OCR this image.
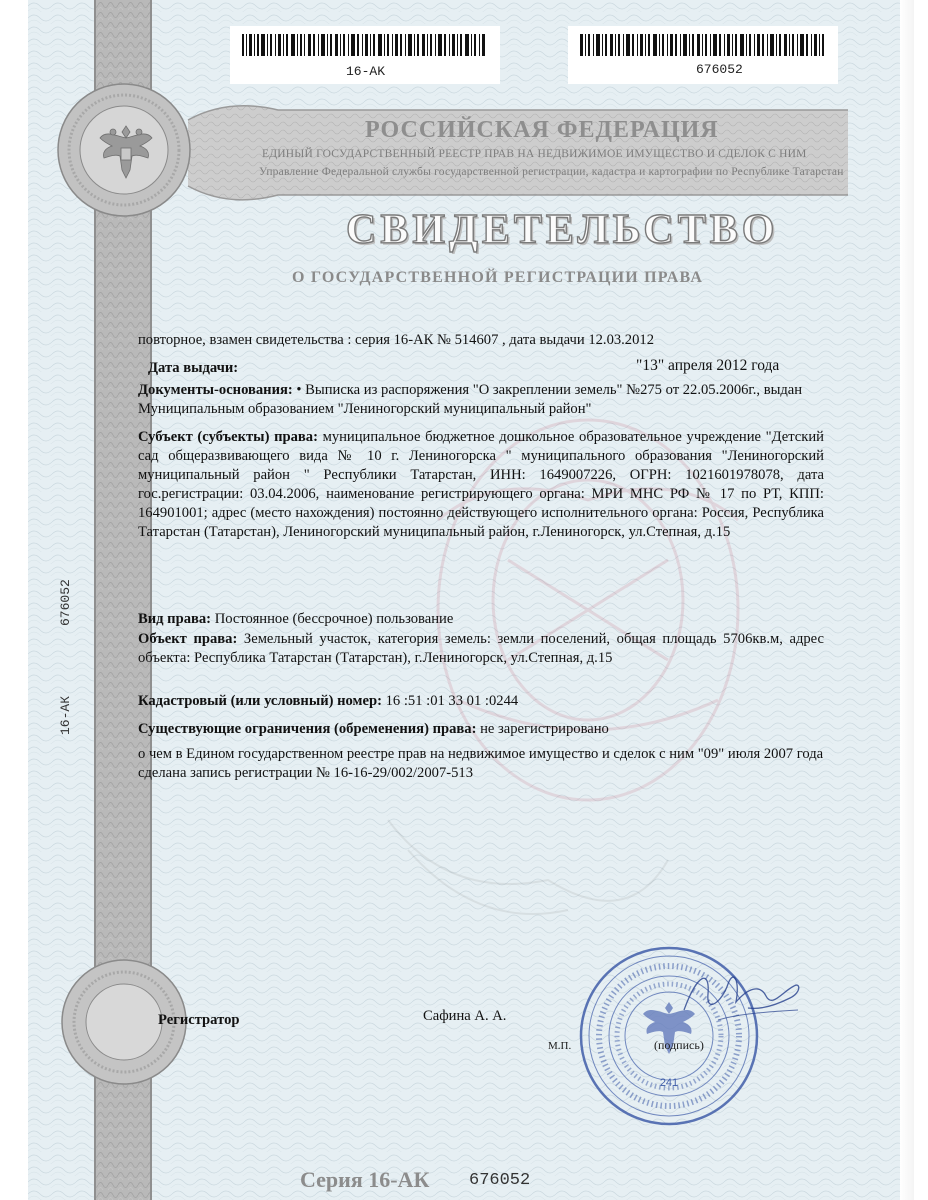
16-AK	676052
РОССИЙСКАЯ ФЕДЕРАЦИЯ
ЕДИНЫЙ ГОСУДАРСТВЕННЫЙ РЕЕСТР ПРАВ НА НЕДВИЖИМОЕ ИМУЩЕСТВО И СДЕЛОК С НИМ
Управление Федеральной службы государственной регистрации, кадастра и картографии по Республике Татарстан
СВИДЕТЕЛЬСТВО
О ГОСУДАРСТВЕННОЙ РЕГИСТРАЦИИ ПРАВА
повторное, взамен свидетельства : серия 16-АК № 514607 , дата выдачи 12.03.2012
Дата выдачи:	"13" апреля 2012 года
Документы-основания: • Выписка из распоряжения "О закреплении земель" №275 от 22.05.2006г., выдан Муниципальным образованием "Лениногорский муниципальный район"
Субъект (субъекты) права: муниципальное бюджетное дошкольное образовательное учреждение "Детский сад общеразвивающего вида № 10 г. Лениногорска " муниципального образования "Лениногорский муниципальный район " Республики Татарстан, ИНН: 1649007226, ОГРН: 1021601978078, дата гос.регистрации: 03.04.2006, наименование регистрирующего органа: МРИ МНС РФ № 17 по РТ, КПП: 164901001; адрес (место нахождения) постоянно действующего исполнительного органа: Россия, Республика Татарстан (Татарстан), Лениногорский муниципальный район, г.Лениногорск, ул.Степная, д.15
Вид права: Постоянное (бессрочное) пользование
Объект права: Земельный участок, категория земель: земли поселений, общая площадь 5706кв.м, адрес объекта: Республика Татарстан (Татарстан), г.Лениногорск, ул.Степная, д.15
Кадастровый (или условный) номер: 16 :51 :01 33 01 :0244
Существующие ограничения (обременения) права: не зарегистрировано
о чем в Едином государственном реестре прав на недвижимое имущество и сделок с ним "09" июля 2007 года сделана запись регистрации № 16-16-29/002/2007-513
676052
16-АК
Регистратор	Сафина А. А.
М.П.
241
(подпись)
Серия 16-АК 676052
